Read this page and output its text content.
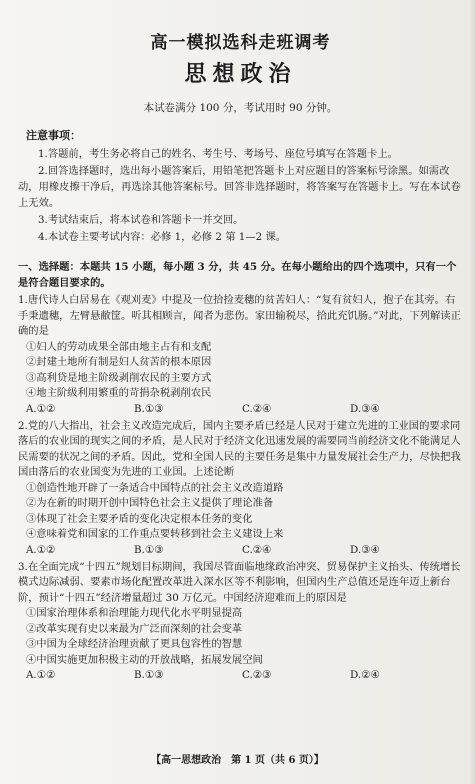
高一模拟选科走班调考
思想政治
本试卷满分 100 分，考试用时 90 分钟。
注意事项：

1.答题前，考生务必将自己的姓名、考生号、考场号、座位号填写在答题卡上。

2.回答选择题时，选出每小题答案后，用铅笔把答题卡上对应题目的答案标号涂黑。如需改动，用橡皮擦干净后，再选涂其他答案标号。回答非选择题时，将答案写在答题卡上。写在本试卷上无效。

3.考试结束后，将本试卷和答题卡一并交回。

4.本试卷主要考试内容：必修 1，必修 2 第 1—2 课。

一、选择题：本题共 15 小题，每小题 3 分，共 45 分。在每小题给出的四个选项中，只有一个是符合题目要求的。
1.唐代诗人白居易在《观刈麦》中提及一位拾捡麦穗的贫苦妇人：“复有贫妇人，抱子在其旁。右手秉遗穗，左臂悬敝筐。听其相顾言，闻者为悲伤。家田输税尽，拾此充饥肠。”对此，下列解读正确的是
①妇人的劳动成果全部由地主占有和支配
②封建土地所有制是妇人贫苦的根本原因
③高利贷是地主阶级剥削农民的主要方式
④地主阶级利用繁重的苛捐杂税剥削农民
A.①②	B.①③	C.②④	D.③④
2.党的八大指出，社会主义改造完成后，国内主要矛盾已经是人民对于建立先进的工业国的要求同落后的农业国的现实之间的矛盾，是人民对于经济文化迅速发展的需要同当前经济文化不能满足人民需要的状况之间的矛盾。因此，党和全国人民的主要任务是集中力量发展社会生产力，尽快把我国由落后的农业国变为先进的工业国。上述论断
①创造性地开辟了一条适合中国特点的社会主义改造道路
②为在新的时期开创中国特色社会主义提供了理论准备
③体现了社会主要矛盾的变化决定根本任务的变化
④意味着党和国家的工作重点要转移到社会主义建设上来
A.①②	B.①③	C.②④	D.③④
3.在全面完成“十四五”规划目标期间，我国尽管面临地缘政治冲突、贸易保护主义抬头、传统增长模式边际减弱、要素市场化配置改革进入深水区等不利影响，但国内生产总值还是连年迈上新台阶，预计“十四五”经济增量超过 30 万亿元。中国经济迎难而上的原因是
①国家治理体系和治理能力现代化水平明显提高
②改革实现有史以来最为广泛而深刻的社会变革
③中国为全球经济治理贡献了更具包容性的智慧
④中国实施更加积极主动的开放战略，拓展发展空间
A.①②	B.①③	C.②③	D.②④
【高一思想政治　第 1 页（共 6 页）】
